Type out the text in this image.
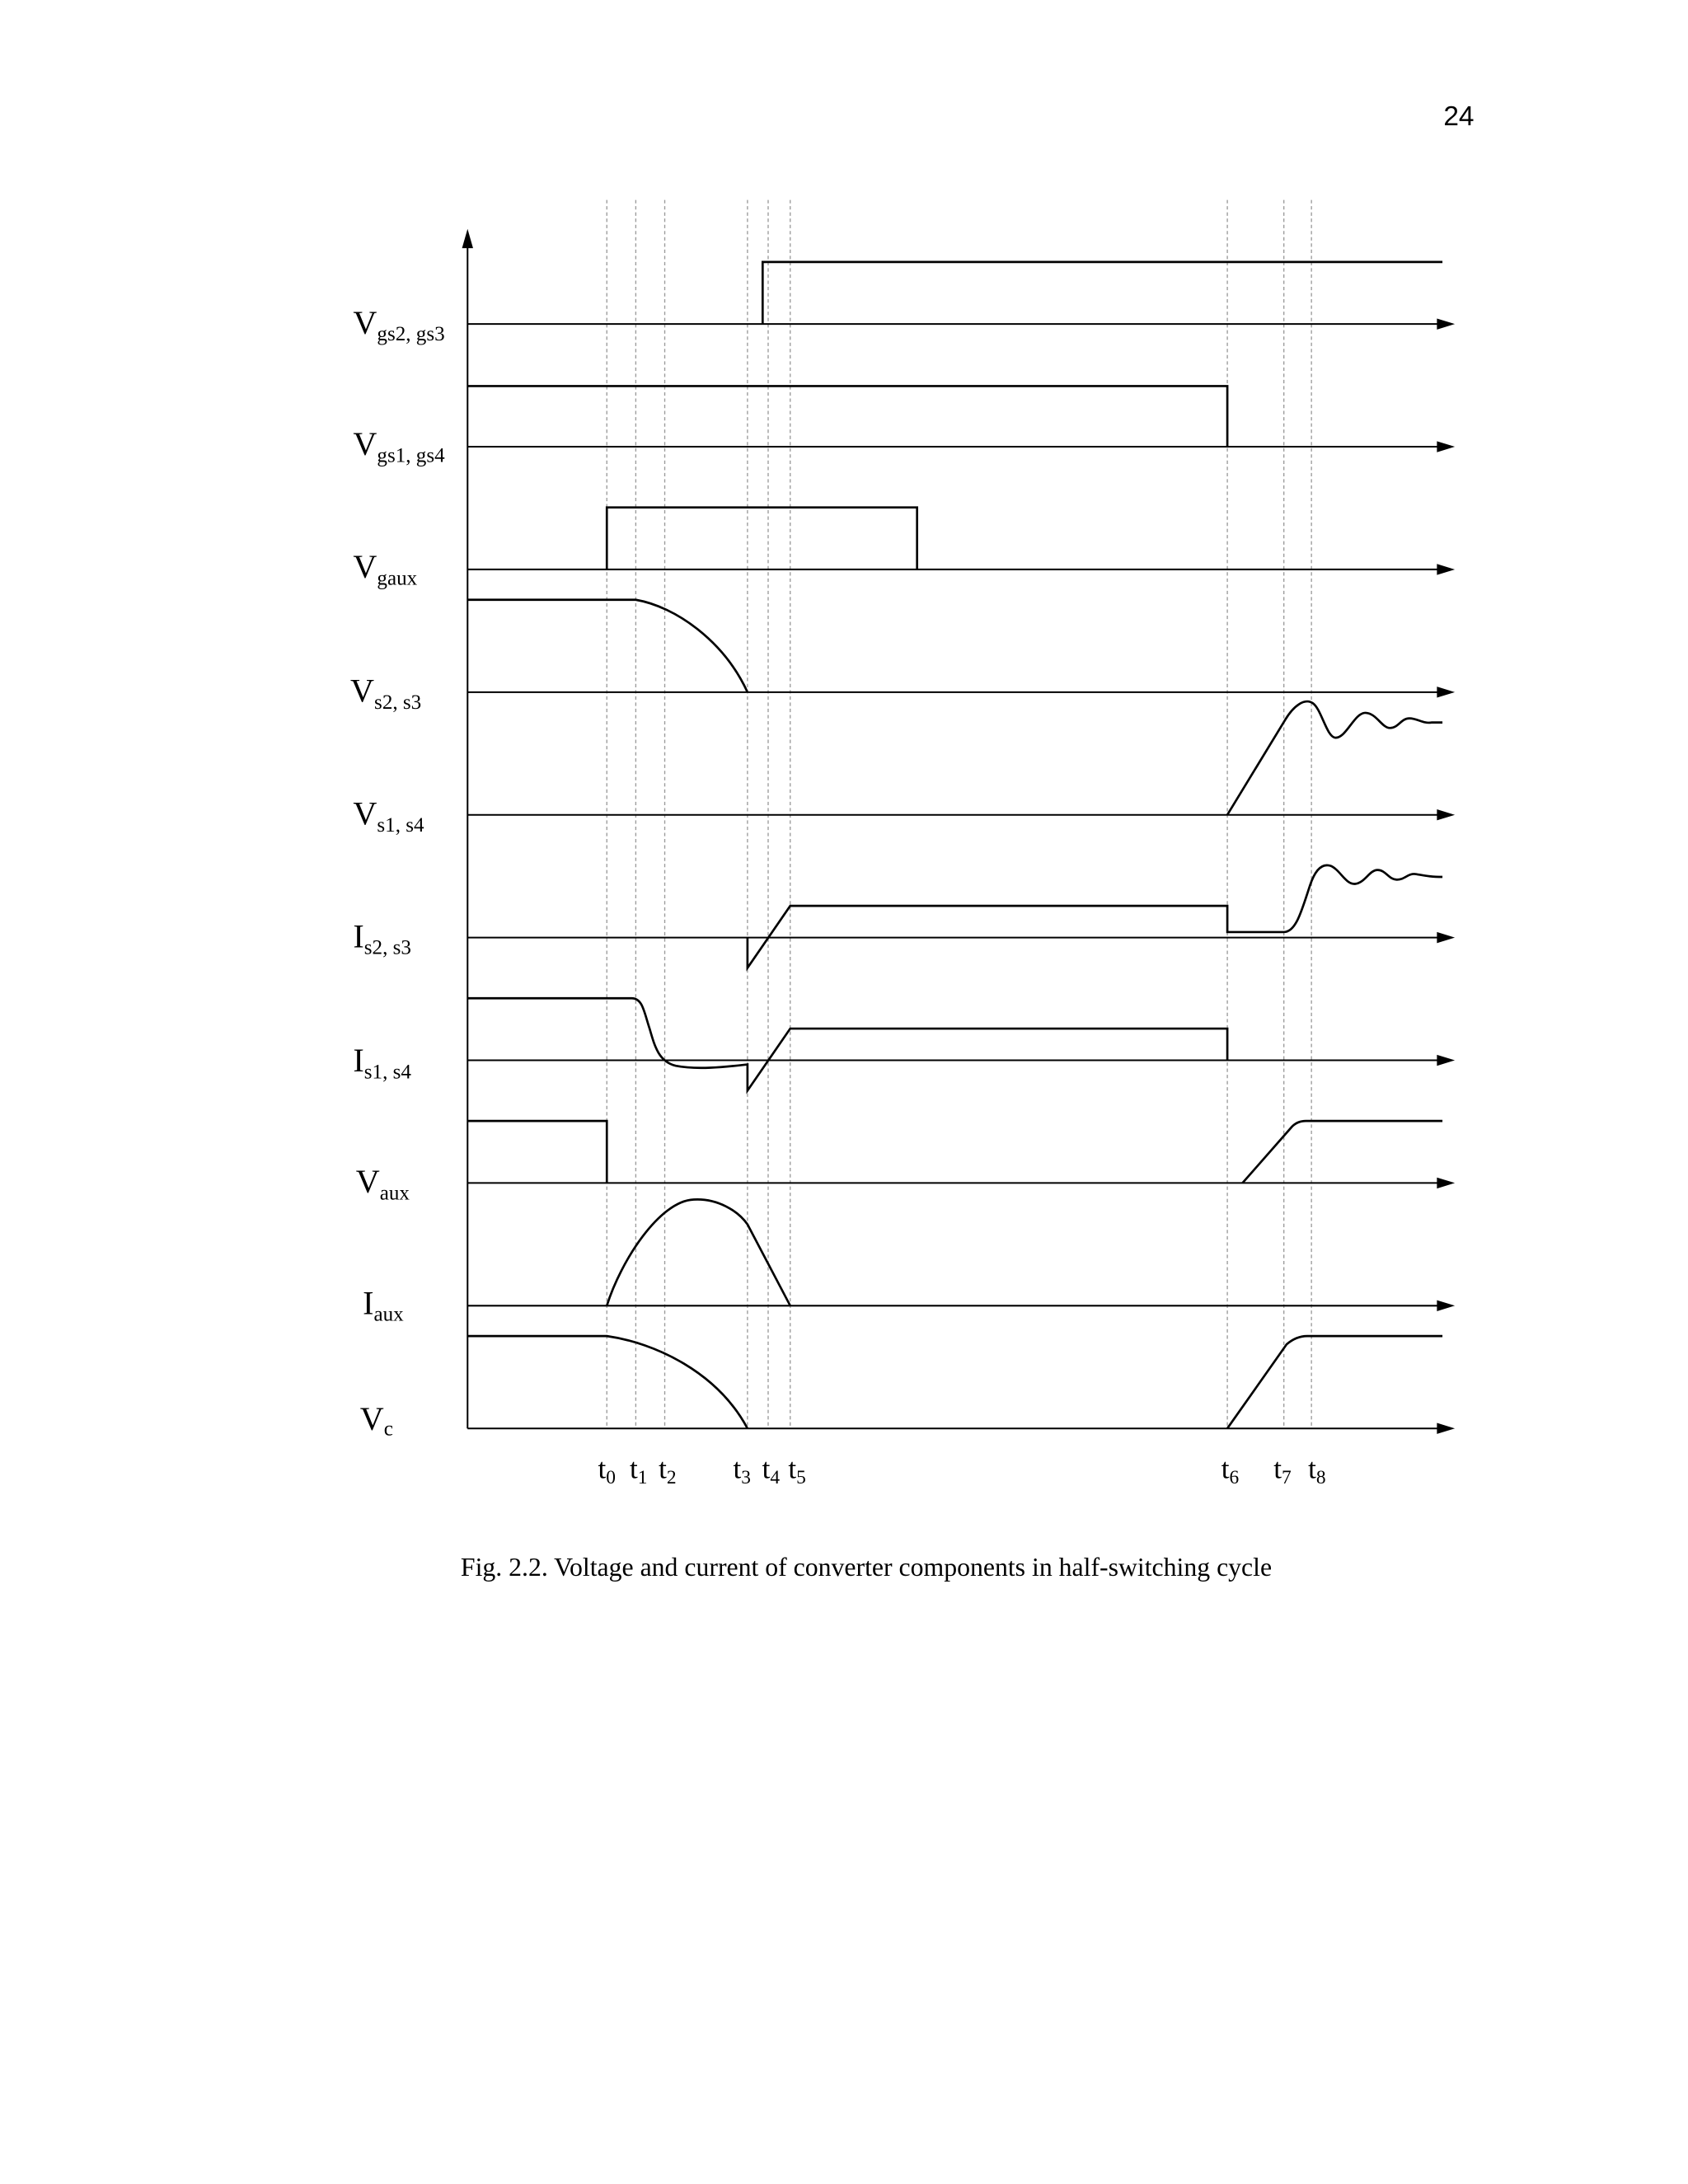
24
$V_{gs2, gs3}$
$V_{gs1, gs4}$
$V_{gaux}$
$V_{s2, s3}$
$V_{s1, s4}$
$I_{s2, s3}$
$I_{s1, s4}$
$V_{aux}$
$I_{aux}$
Vc
t0 t1 t2	t3 t4 t5	t6 t7 t8
Fig. 2.2. Voltage and current of converter components in half-switching cycle
